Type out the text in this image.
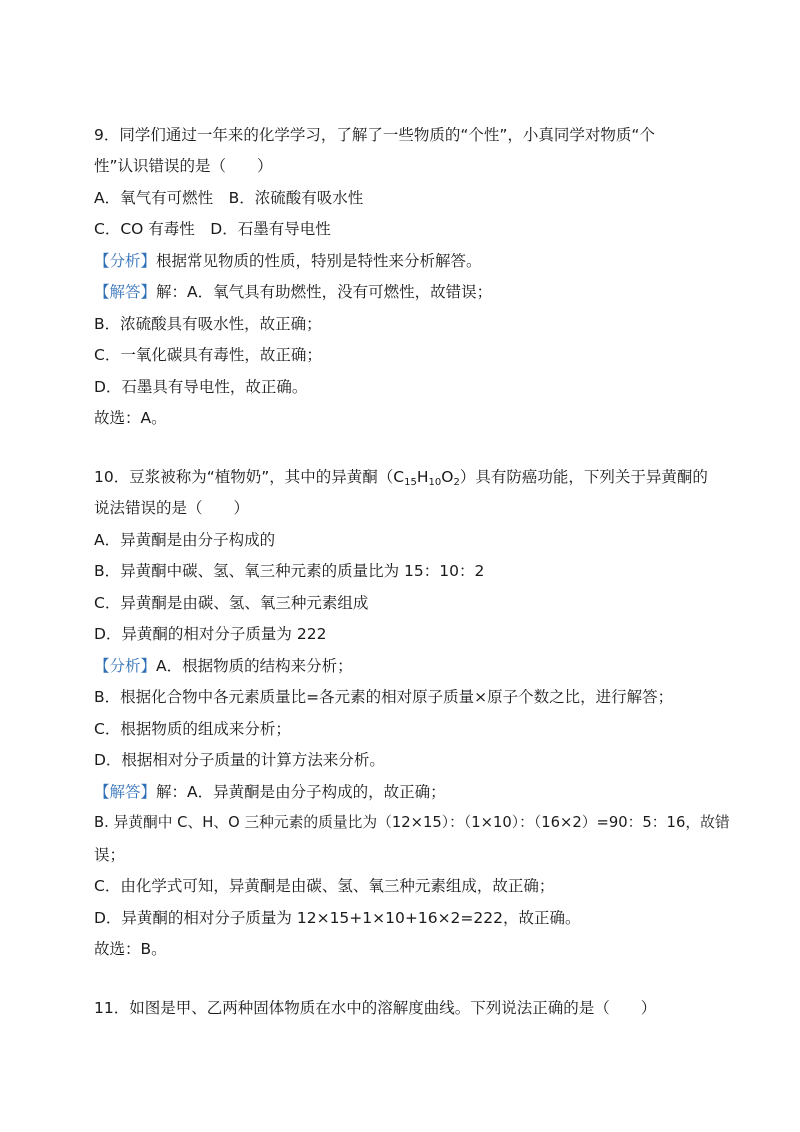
9．同学们通过一年来的化学学习，了解了一些物质的“个性”，小真同学对物质“个
性”认识错误的是（　　）
A．氧气有可燃性　B．浓硫酸有吸水性
C．CO 有毒性　D．石墨有导电性
【分析】根据常见物质的性质，特别是特性来分析解答。
【解答】解：A．氧气具有助燃性，没有可燃性，故错误；
B．浓硫酸具有吸水性，故正确；
C．一氧化碳具有毒性，故正确；
D．石墨具有导电性，故正确。
故选：A。
10．豆浆被称为“植物奶”，其中的异黄酮$(C_{15}H_{10}O_2)$具有防癌功能，下列关于异黄酮的
说法错误的是（　　）
A．异黄酮是由分子构成的
B．异黄酮中碳、氢、氧三种元素的质量比为 15：10：2
C．异黄酮是由碳、氢、氧三种元素组成
D．异黄酮的相对分子质量为 222
【分析】A．根据物质的结构来分析；
B．根据化合物中各元素质量比=各元素的相对原子质量×原子个数之比，进行解答；
C．根据物质的组成来分析；
D．根据相对分子质量的计算方法来分析。
【解答】解：A．异黄酮是由分子构成的，故正确；
B. 异黄酮中 C、H、O 三种元素的质量比为（12×15）：（1×10）：（16×2）=90：5：16，故错
误；
C．由化学式可知，异黄酮是由碳、氢、氧三种元素组成，故正确；
D．异黄酮的相对分子质量为 12×15+1×10+16×2=222，故正确。
故选：B。
11．如图是甲、乙两种固体物质在水中的溶解度曲线。下列说法正确的是（　　）
